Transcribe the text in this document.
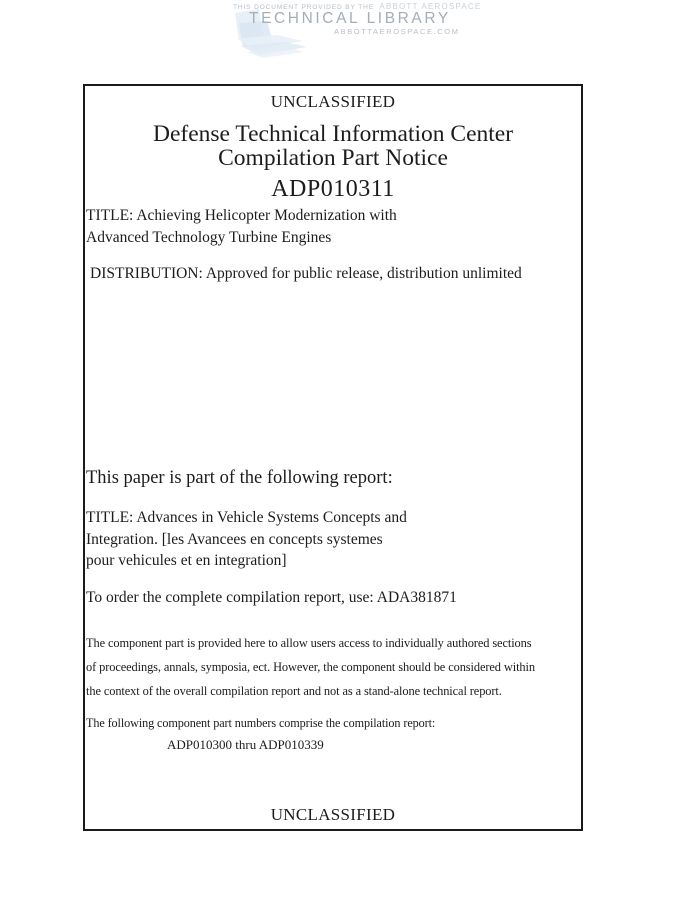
THIS DOCUMENT PROVIDED BY THE ABBOTT AEROSPACE
TECHNICAL LIBRARY
ABBOTTAEROSPACE.COM
UNCLASSIFIED
Defense Technical Information Center
Compilation Part Notice
ADP010311
TITLE: Achieving Helicopter Modernization with
Advanced Technology Turbine Engines
DISTRIBUTION: Approved for public release, distribution unlimited
This paper is part of the following report:
TITLE: Advances in Vehicle Systems Concepts and
Integration. [les Avancees en concepts systemes
pour vehicules et en integration]
To order the complete compilation report, use: ADA381871
The component part is provided here to allow users access to individually authored sections
of proceedings, annals, symposia, ect. However, the component should be considered within
the context of the overall compilation report and not as a stand-alone technical report.
The following component part numbers comprise the compilation report:
ADP010300 thru ADP010339
UNCLASSIFIED
